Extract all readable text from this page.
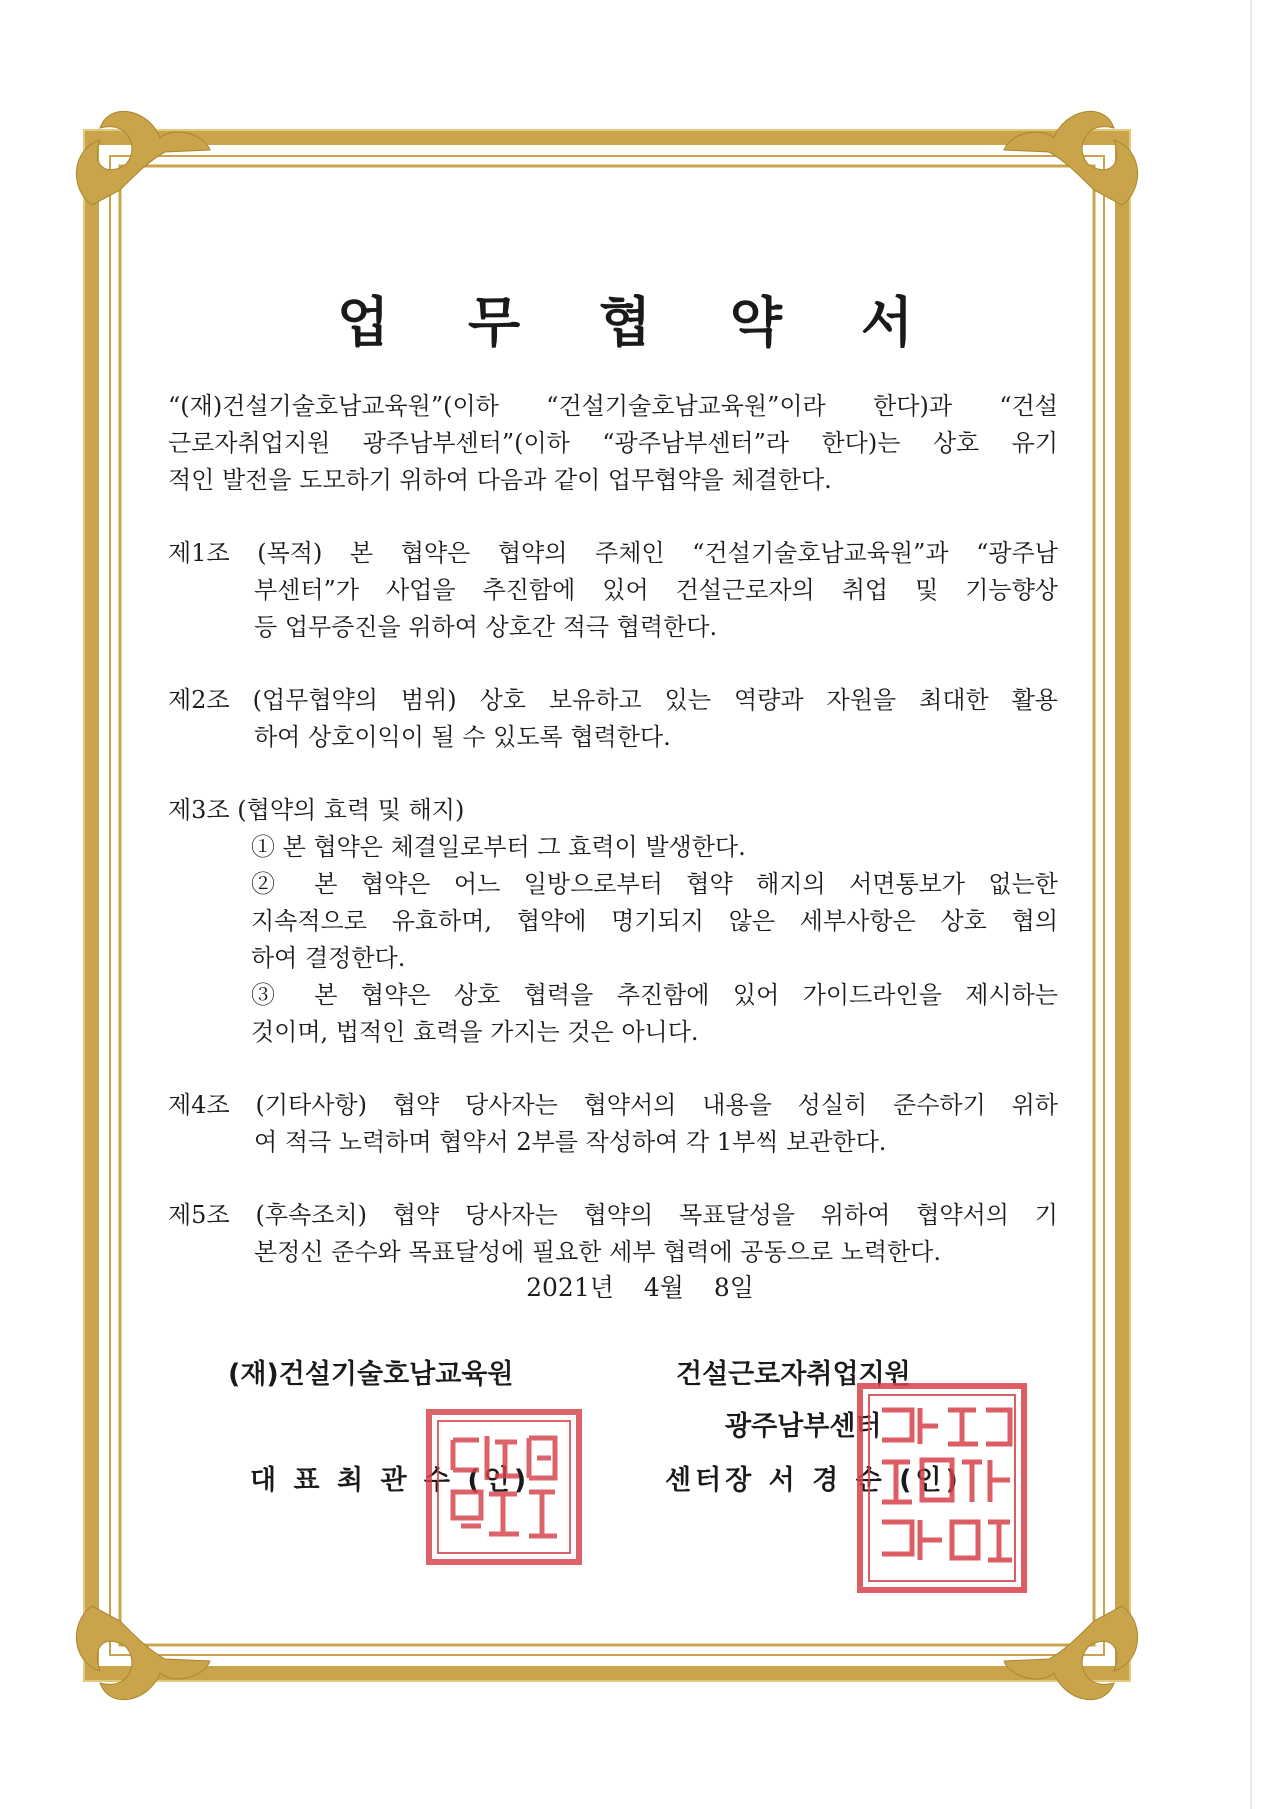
업 무 협 약 서
“(재)건설기술호남교육원”(이하 “건설기술호남교육원”이라 한다)과 “건설
근로자취업지원 광주남부센터”(이하 “광주남부센터”라 한다)는 상호 유기
적인 발전을 도모하기 위하여 다음과 같이 업무협약을 체결한다.
제1조 (목적) 본 협약은 협약의 주체인 “건설기술호남교육원”과 “광주남
부센터”가 사업을 추진함에 있어 건설근로자의 취업 및 기능향상
등 업무증진을 위하여 상호간 적극 협력한다.
제2조 (업무협약의 범위) 상호 보유하고 있는 역량과 자원을 최대한 활용
하여 상호이익이 될 수 있도록 협력한다.
제3조 (협약의 효력 및 해지)
① 본 협약은 체결일로부터 그 효력이 발생한다.
② 본 협약은 어느 일방으로부터 협약 해지의 서면통보가 없는한
지속적으로 유효하며, 협약에 명기되지 않은 세부사항은 상호 협의
하여 결정한다.
③ 본 협약은 상호 협력을 추진함에 있어 가이드라인을 제시하는
것이며, 법적인 효력을 가지는 것은 아니다.
제4조 (기타사항) 협약 당사자는 협약서의 내용을 성실히 준수하기 위하
여 적극 노력하며 협약서 2부를 작성하여 각 1부씩 보관한다.
제5조 (후속조치) 협약 당사자는 협약의 목표달성을 위하여 협약서의 기
본정신 준수와 목표달성에 필요한 세부 협력에 공동으로 노력한다.
2021년 4월 8일
(재)건설기술호남교육원
대 표 최 관 수 (인)
건설근로자취업지원
광주남부센터
센터장 서 경 순 (인)
